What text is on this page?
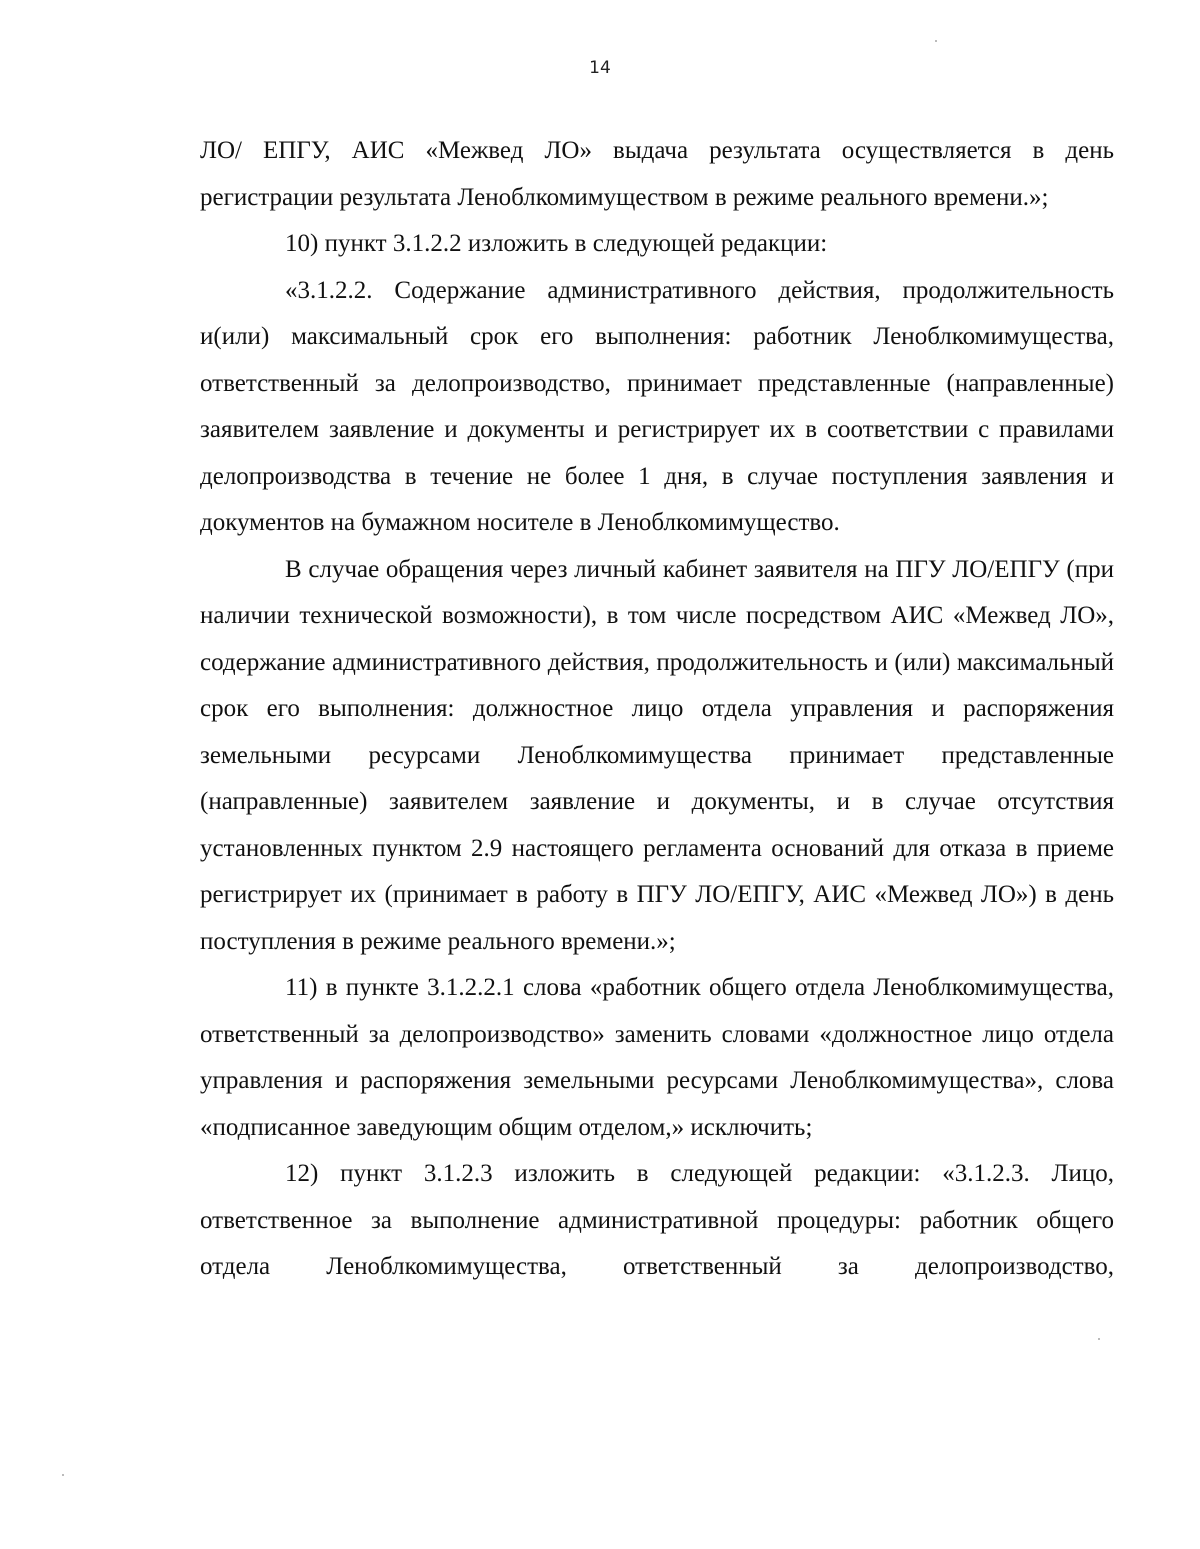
14

ЛО/ ЕПГУ, АИС «Межвед ЛО» выдача результата осуществляется в день регистрации результата Леноблкомимуществом в режиме реального времени.»;

10) пункт 3.1.2.2 изложить в следующей редакции:

«3.1.2.2. Содержание административного действия, продолжительность и(или) максимальный срок его выполнения: работник Леноблкомимущества, ответственный за делопроизводство, принимает представленные (направленные) заявителем заявление и документы и регистрирует их в соответствии с правилами делопроизводства в течение не более 1 дня, в случае поступления заявления и документов на бумажном носителе в Леноблкомимущество.

В случае обращения через личный кабинет заявителя на ПГУ ЛО/ЕПГУ (при наличии технической возможности), в том числе посредством АИС «Межвед ЛО», содержание административного действия, продолжительность и (или) максимальный срок его выполнения: должностное лицо отдела управления и распоряжения земельными ресурсами Леноблкомимущества принимает представленные (направленные) заявителем заявление и документы, и в случае отсутствия установленных пунктом 2.9 настоящего регламента оснований для отказа в приеме регистрирует их (принимает в работу в ПГУ ЛО/ЕПГУ, АИС «Межвед ЛО») в день поступления в режиме реального времени.»;

11) в пункте 3.1.2.2.1 слова «работник общего отдела Леноблкомимущества, ответственный за делопроизводство» заменить словами «должностное лицо отдела управления и распоряжения земельными ресурсами Леноблкомимущества», слова «подписанное заведующим общим отделом,» исключить;

12) пункт 3.1.2.3 изложить в следующей редакции: «3.1.2.3. Лицо, ответственное за выполнение административной процедуры: работник общего отдела Леноблкомимущества, ответственный за делопроизводство,
